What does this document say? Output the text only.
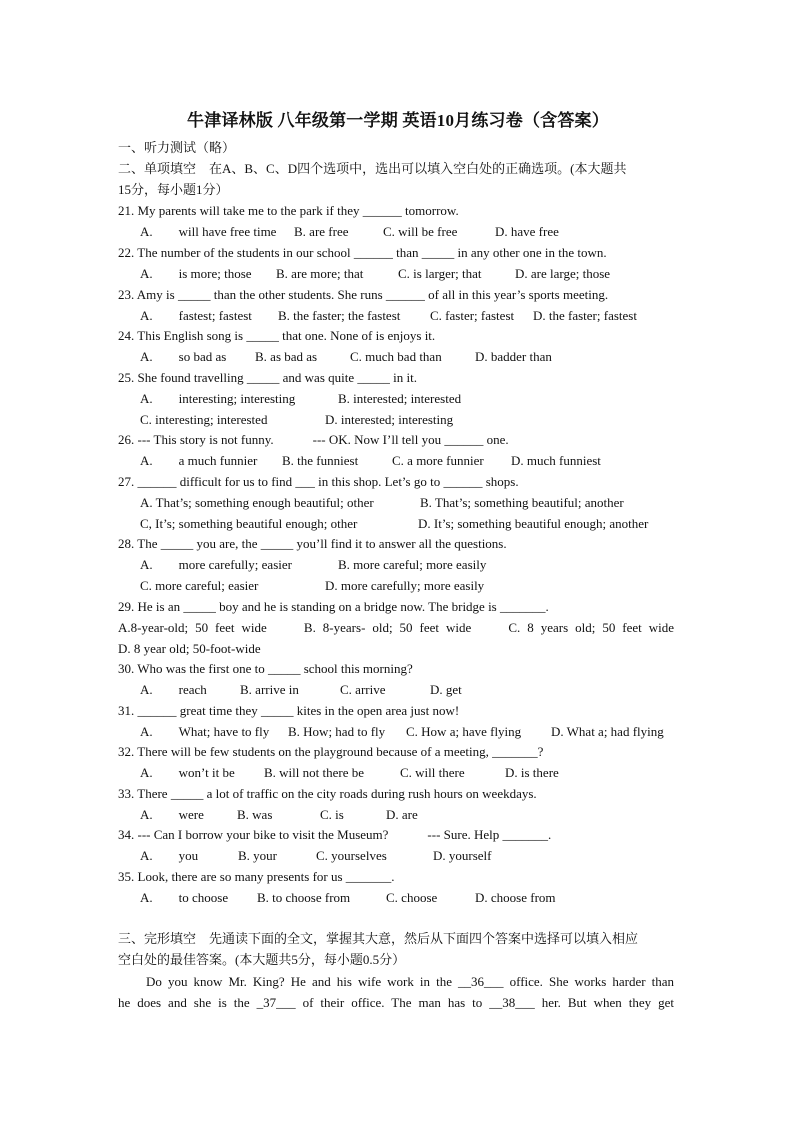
牛津译林版 八年级第一学期 英语10月练习卷（含答案）
一、听力测试（略）
二、单项填空　在A、B、C、D四个选项中，选出可以填入空白处的正确选项。(本大题共
15分，每小题1分）
21. My parents will take me to the park if they ______ tomorrow.
A.　　will have free time B. are free	C. will be free	D. have free
22. The number of the students in our school ______ than _____ in any other one in the town.
A.　　is more; those B. are more; that	C. is larger; that	D. are large; those
23. Amy is _____ than the other students. She runs ______ of all in this year’s sports meeting.
A.　　fastest; fastest B. the faster; the fastest C. faster; fastest D. the faster; fastest
24. This English song is _____ that one. None of is enjoys it.
A.　　so bad as B. as bad as	C. much bad than	D. badder than
25. She found travelling _____ and was quite _____ in it.
A.　　interesting; interesting	B. interested; interested
C. interesting; interested	D. interested; interesting
26. --- This story is not funny.　　　--- OK. Now I’ll tell you ______ one.
A.　　a much funnier B. the funniest	C. a more funnier D. much funniest
27. ______ difficult for us to find ___ in this shop. Let’s go to ______ shops.
A. That’s; something enough beautiful; other	B. That’s; something beautiful; another
C, It’s; something beautiful enough; other	D. It’s; something beautiful enough; another
28. The _____ you are, the _____ you’ll find it to answer all the questions.
A.　　more carefully; easier	B. more careful; more easily
C. more careful; easier	D. more carefully; more easily
29. He is an _____ boy and he is standing on a bridge now. The bridge is _______.
A.8-year-old; 50 feet wide　　B. 8-years- old; 50 feet wide　　C. 8 years old; 50 feet wide
D. 8 year old; 50-foot-wide
30. Who was the first one to _____ school this morning?
A.　　reach	B. arrive in	C. arrive	D. get
31. ______ great time they _____ kites in the open area just now!
A.　　What; have to fly B. How; had to fly C. How a; have flying D. What a; had flying
32. There will be few students on the playground because of a meeting, _______?
A.　　won’t it be B. will not there be	C. will there	D. is there
33. There _____ a lot of traffic on the city roads during rush hours on weekdays.
A.　　were	B. was	C. is	D. are
34. --- Can I borrow your bike to visit the Museum?　　　--- Sure. Help _______.
A.　　you	B. your	C. yourselves	D. yourself
35. Look, there are so many presents for us _______.
A.　　to choose B. to choose from	C. choose	D. choose from
三、完形填空　先通读下面的全文，掌握其大意，然后从下面四个答案中选择可以填入相应
空白处的最佳答案。(本大题共5分，每小题0.5分）
Do you know Mr. King? He and his wife work in the __36___ office. She works harder than
he does and she is the _37___ of their office. The man has to __38___ her. But when they get
